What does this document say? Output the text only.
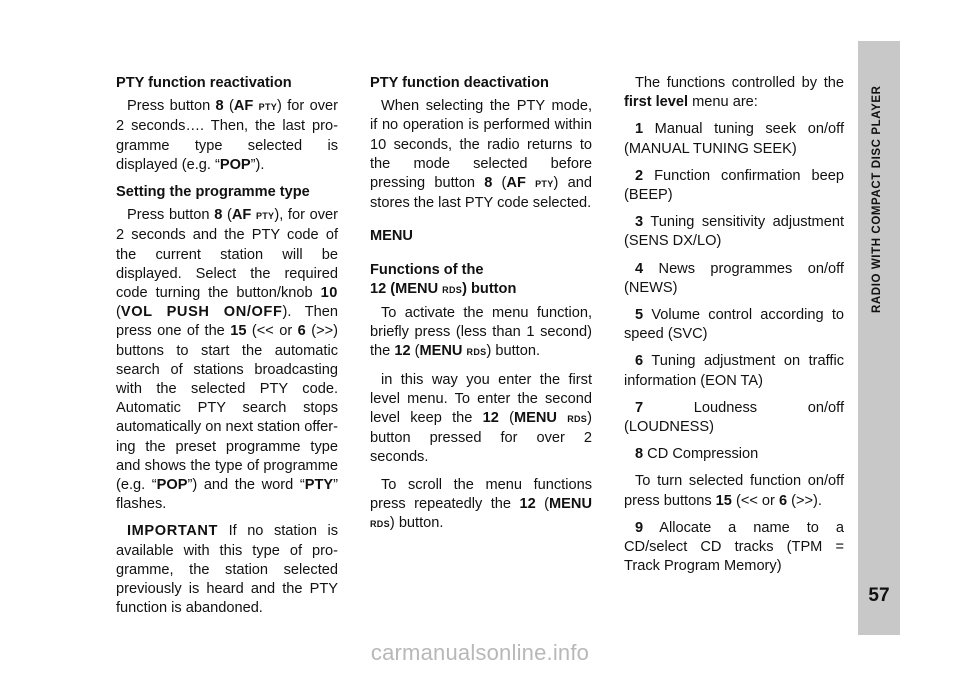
PTY function reactivation

Press button 8 (AF PTY) for over 2 seconds…. Then, the last programme type selected is displayed (e.g. “POP”).

Setting the programme type

Press button 8 (AF PTY), for over 2 seconds and the PTY code of the current station will be displayed. Select the required code turning the button/knob 10 (VOL PUSH ON/OFF). Then press one of the 15 (<< or 6 (>>) buttons to start the automatic search of stations broadcasting with the selected PTY code. Automatic PTY search stops automatically on next station offering the preset programme type and shows the type of programme (e.g. “POP”) and the word “PTY” flashes.

IMPORTANT If no station is available with this type of programme, the station selected previously is heard and the PTY function is abandoned.

PTY function deactivation

When selecting the PTY mode, if no operation is performed within 10 seconds, the radio returns to the mode selected before pressing button 8 (AF PTY) and stores the last PTY code selected.

MENU

Functions of the
12 (MENU RDS) button

To activate the menu function, briefly press (less than 1 second) the 12 (MENU RDS) button.

in this way you enter the first level menu. To enter the second level keep the 12 (MENU RDS) button pressed for over 2 seconds.

To scroll the menu functions press repeatedly the 12 (MENU RDS) button.

The functions controlled by the first level menu are:

1 Manual tuning seek on/off (MANUAL TUNING SEEK)

2 Function confirmation beep (BEEP)

3 Tuning sensitivity adjustment (SENS DX/LO)

4 News programmes on/off (NEWS)

5 Volume control according to speed (SVC)

6 Tuning adjustment on traffic information (EON TA)

7 Loudness on/off (LOUDNESS)

8 CD Compression

To turn selected function on/off press buttons 15 (<< or 6 (>>).

9 Allocate a name to a CD/select CD tracks (TPM = Track Program Memory)

RADIO WITH COMPACT DISC PLAYER
57
carmanualsonline.info
